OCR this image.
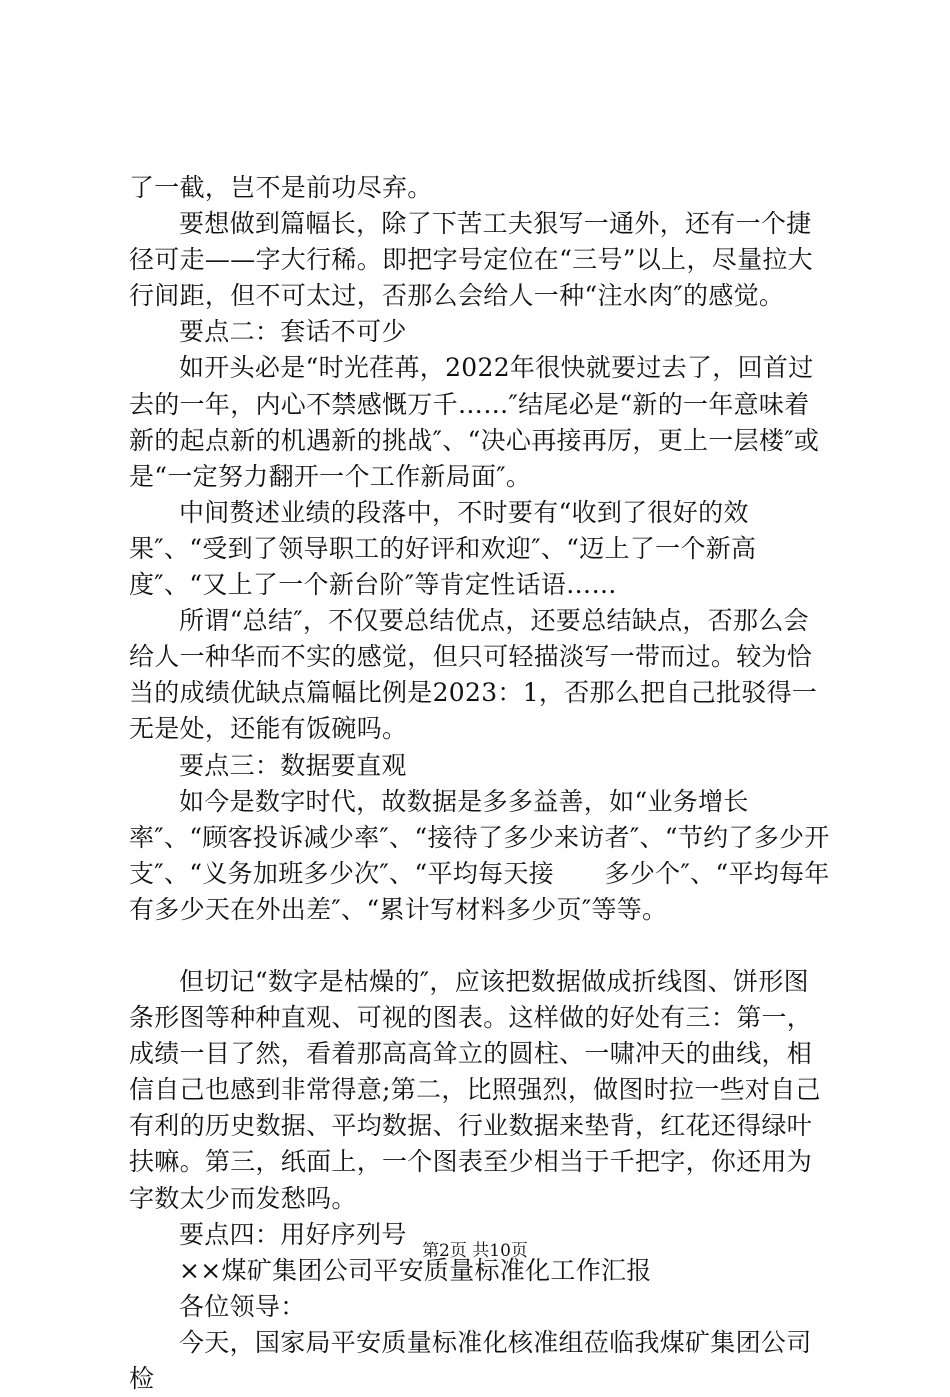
了一截，岂不是前功尽弃。

要想做到篇幅长，除了下苦工夫狠写一通外，还有一个捷径可走——字大行稀。即把字号定位在“三号”以上，尽量拉大行间距，但不可太过，否那么会给人一种“注水肉″的感觉。

要点二：套话不可少

如开头必是“时光荏苒，2022年很快就要过去了，回首过去的一年，内心不禁感慨万千……″结尾必是“新的一年意味着新的起点新的机遇新的挑战″、“决心再接再厉，更上一层楼″或是“一定努力翻开一个工作新局面″。

中间赘述业绩的段落中，不时要有“收到了很好的效果″、“受到了领导职工的好评和欢迎″、“迈上了一个新高度″、“又上了一个新台阶″等肯定性话语……

所谓“总结″，不仅要总结优点，还要总结缺点，否那么会给人一种华而不实的感觉，但只可轻描淡写一带而过。较为恰当的成绩优缺点篇幅比例是2023：1，否那么把自己批驳得一无是处，还能有饭碗吗。

要点三：数据要直观

如今是数字时代，故数据是多多益善，如“业务增长率″、“顾客投诉减少率″、“接待了多少来访者″、“节约了多少开支″、“义务加班多少次″、“平均每天接　　多少个″、“平均每年有多少天在外出差″、“累计写材料多少页″等等。

但切记“数字是枯燥的″，应该把数据做成折线图、饼形图条形图等种种直观、可视的图表。这样做的好处有三：第一，成绩一目了然，看着那高高耸立的圆柱、一啸冲天的曲线，相信自己也感到非常得意;第二，比照强烈，做图时拉一些对自己有利的历史数据、平均数据、行业数据来垫背，红花还得绿叶扶嘛。第三，纸面上，一个图表至少相当于千把字，你还用为字数太少而发愁吗。

要点四：用好序列号

××煤矿集团公司平安质量标准化工作汇报

各位领导：

今天，国家局平安质量标准化核准组莅临我煤矿集团公司检

第2页 共10页
